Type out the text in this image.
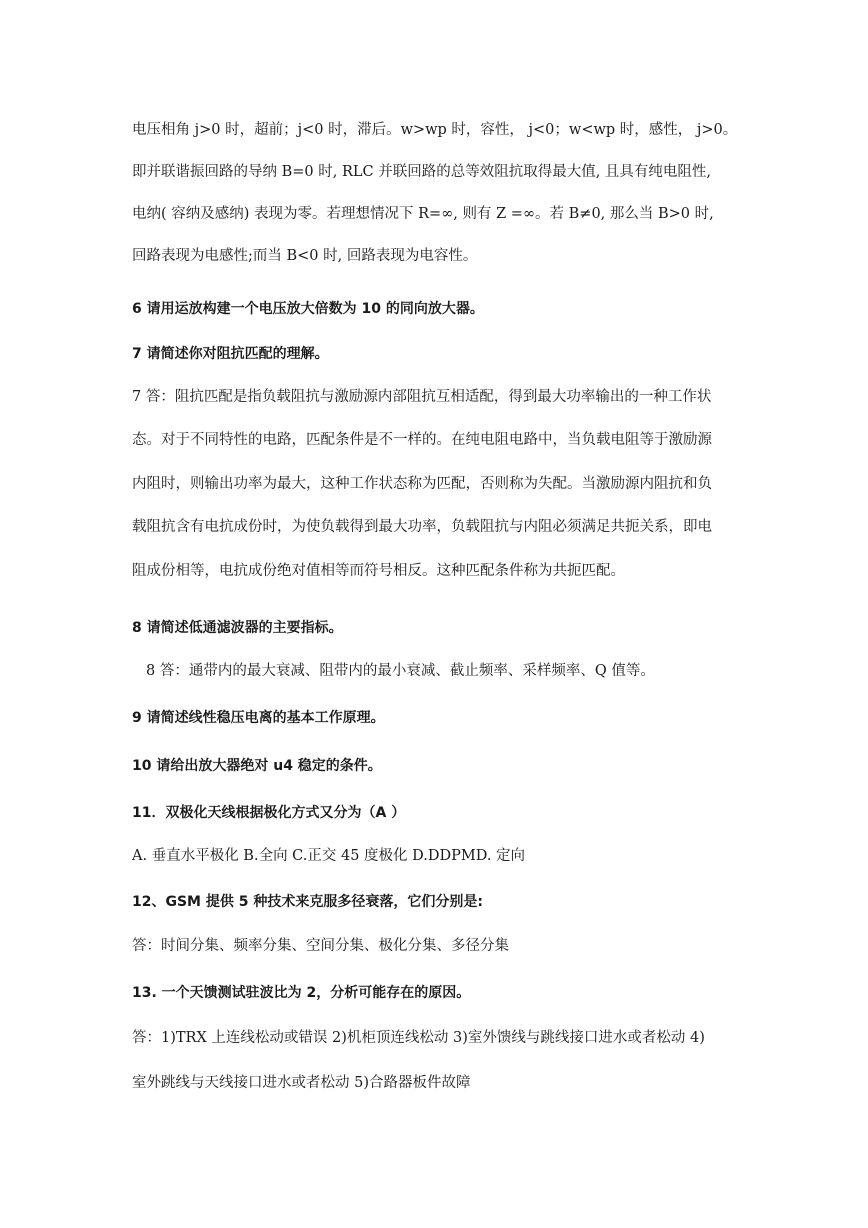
电压相角 j>0 时，超前；j<0 时，滞后。w>wp 时，容性， j<0；w<wp 时，感性， j>0。
即并联谐振回路的导纳 B=0 时, RLC 并联回路的总等效阻抗取得最大值, 且具有纯电阻性,
电纳( 容纳及感纳) 表现为零。若理想情况下 R=∞, 则有 Z =∞。若 B≠0, 那么当 B>0 时,
回路表现为电感性;而当 B<0 时, 回路表现为电容性。
6 请用运放构建一个电压放大倍数为 10 的同向放大器。
7 请简述你对阻抗匹配的理解。
7 答：阻抗匹配是指负载阻抗与激励源内部阻抗互相适配，得到最大功率输出的一种工作状
态。对于不同特性的电路，匹配条件是不一样的。在纯电阻电路中，当负载电阻等于激励源
内阻时，则输出功率为最大，这种工作状态称为匹配，否则称为失配。当激励源内阻抗和负
载阻抗含有电抗成份时，为使负载得到最大功率，负载阻抗与内阻必须满足共扼关系，即电
阻成份相等，电抗成份绝对值相等而符号相反。这种匹配条件称为共扼匹配。
8 请简述低通滤波器的主要指标。
8 答：通带内的最大衰减、阻带内的最小衰减、截止频率、采样频率、Q 值等。
9 请简述线性稳压电离的基本工作原理。
10 请给出放大器绝对 u4 稳定的条件。
11．双极化天线根据极化方式又分为（A ）
A. 垂直水平极化 B.全向 C.正交 45 度极化 D.DDPMD. 定向
12、GSM 提供 5 种技术来克服多径衰落，它们分别是:
答：时间分集、频率分集、空间分集、极化分集、多径分集
13. 一个天馈测试驻波比为 2，分析可能存在的原因。
答：1)TRX 上连线松动或错误 2)机柜顶连线松动 3)室外馈线与跳线接口进水或者松动 4)
室外跳线与天线接口进水或者松动 5)合路器板件故障
